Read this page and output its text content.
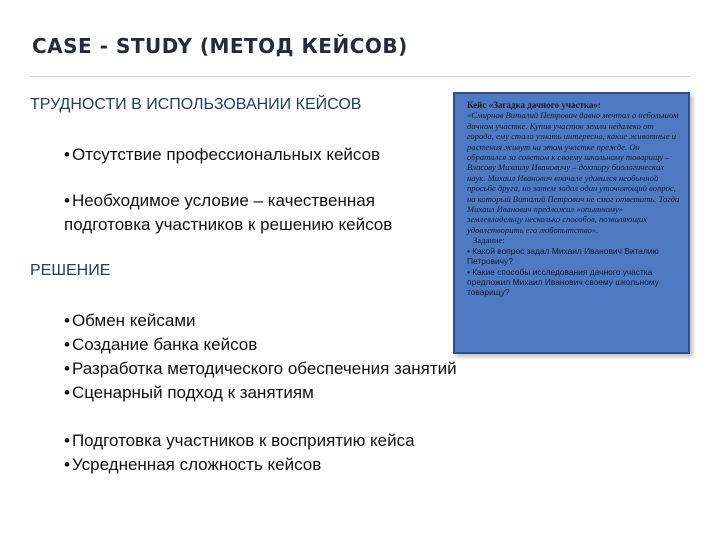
CASE - STUDY (МЕТОД КЕЙСОВ)
ТРУДНОСТИ В ИСПОЛЬЗОВАНИИ КЕЙСОВ
• Отсутствие профессиональных кейсов
• Необходимое условие – качественная
подготовка участников к решению кейсов
РЕШЕНИЕ
• Обмен кейсами
• Создание банка кейсов
• Разработка методического обеспечения занятий
• Сценарный подход к занятиям
• Подготовка участников к восприятию кейса
• Усредненная сложность кейсов
Кейс «Загадка дачного участка»:
«Смирнов Виталий Петрович давно мечтал о небольшом дачном участке. Купив участок земли недалеко от города, ему стало узнать интересно, какие животные и растения живут на этом участке прежде. Он обратился за советом к своему школьному товарищу – Власову Михаилу Ивановичу – доктору биологических наук. Михаил Иванович вначале удивился необычной просьбе друга, но затем задал один уточняющий вопрос, на который Виталий Петрович не смог ответить. Тогда Михаил Иванович предложил «опытному» землевладельцу несколько способов, позволяющих удовлетворить его любопытство».
Задание:
• Какой вопрос задал Михаил Иванович Виталию Петровичу?
• Какие способы исследования дачного участка предложил Михаил Иванович своему школьному товарищу?
